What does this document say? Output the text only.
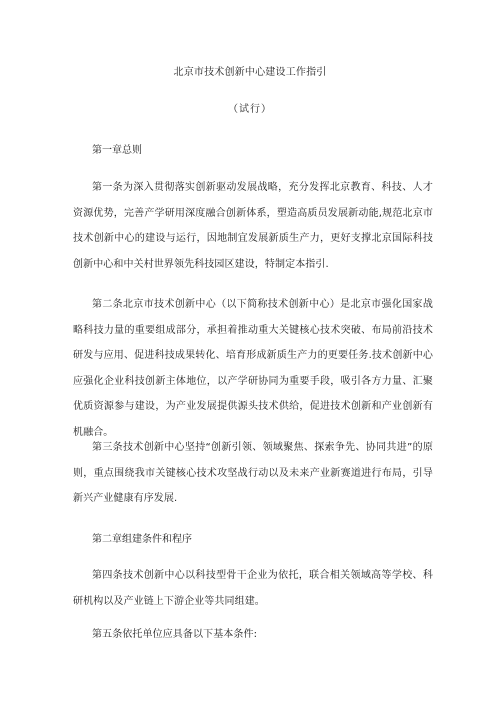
北京市技术创新中心建设工作指引
（试行）
第一章总则

第一条为深入贯彻落实创新驱动发展战略，充分发挥北京教育、科技、人才资源优势，完善产学研用深度融合创新体系，塑造高质员发展新动能,规范北京市技术创新中心的建设与运行，因地制宜发展新质生产力，更好支撑北京国际科技创新中心和中关村世界领先科技园区建设，特制定本指引.

第二条北京市技术创新中心（以下简称技术创新中心）是北京市强化国家战略科技力量的重要组成部分，承担着推动重大关键核心技术突破、布局前沿技术研发与应用、促进科技成果转化、培育形成新质生产力的更要任务.技术创新中心应强化企业科技创新主体地位，以产学研协同为重要手段，吸引各方力量、汇聚优质资源参与建设，为产业发展提供源头技术供给，促进技术创新和产业创新有机融合。

第三条技术创新中心坚持“创新引领、领域聚焦、探索争先、协同共进”的原则，重点围绕我市关键核心技术攻坚战行动以及未来产业新赛道进行布局，引导新兴产业健康有序发展.

第二章组建条件和程序

第四条技术创新中心以科技型骨干企业为依托，联合相关领域高等学校、科研机构以及产业链上下游企业等共同组建。

第五条依托单位应具备以下基本条件:
